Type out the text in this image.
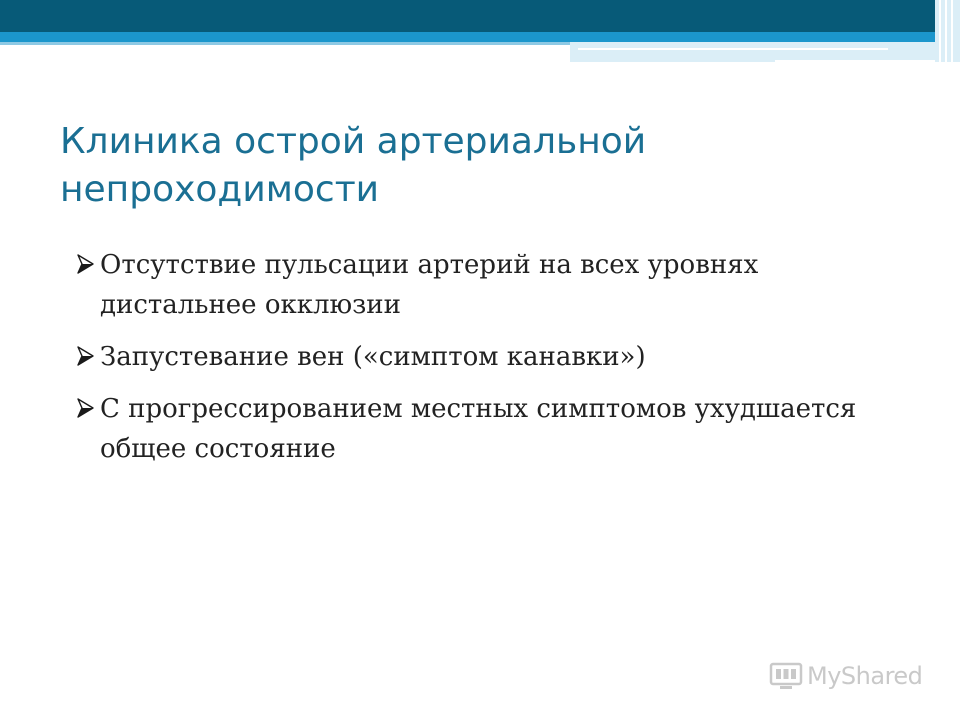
Клиника острой артериальной непроходимости
Отсутствие пульсации артерий на всех уровнях дистальнее окклюзии
Запустевание вен («симптом канавки»)
С прогрессированием местных симптомов ухудшается общее состояние
MyShared
